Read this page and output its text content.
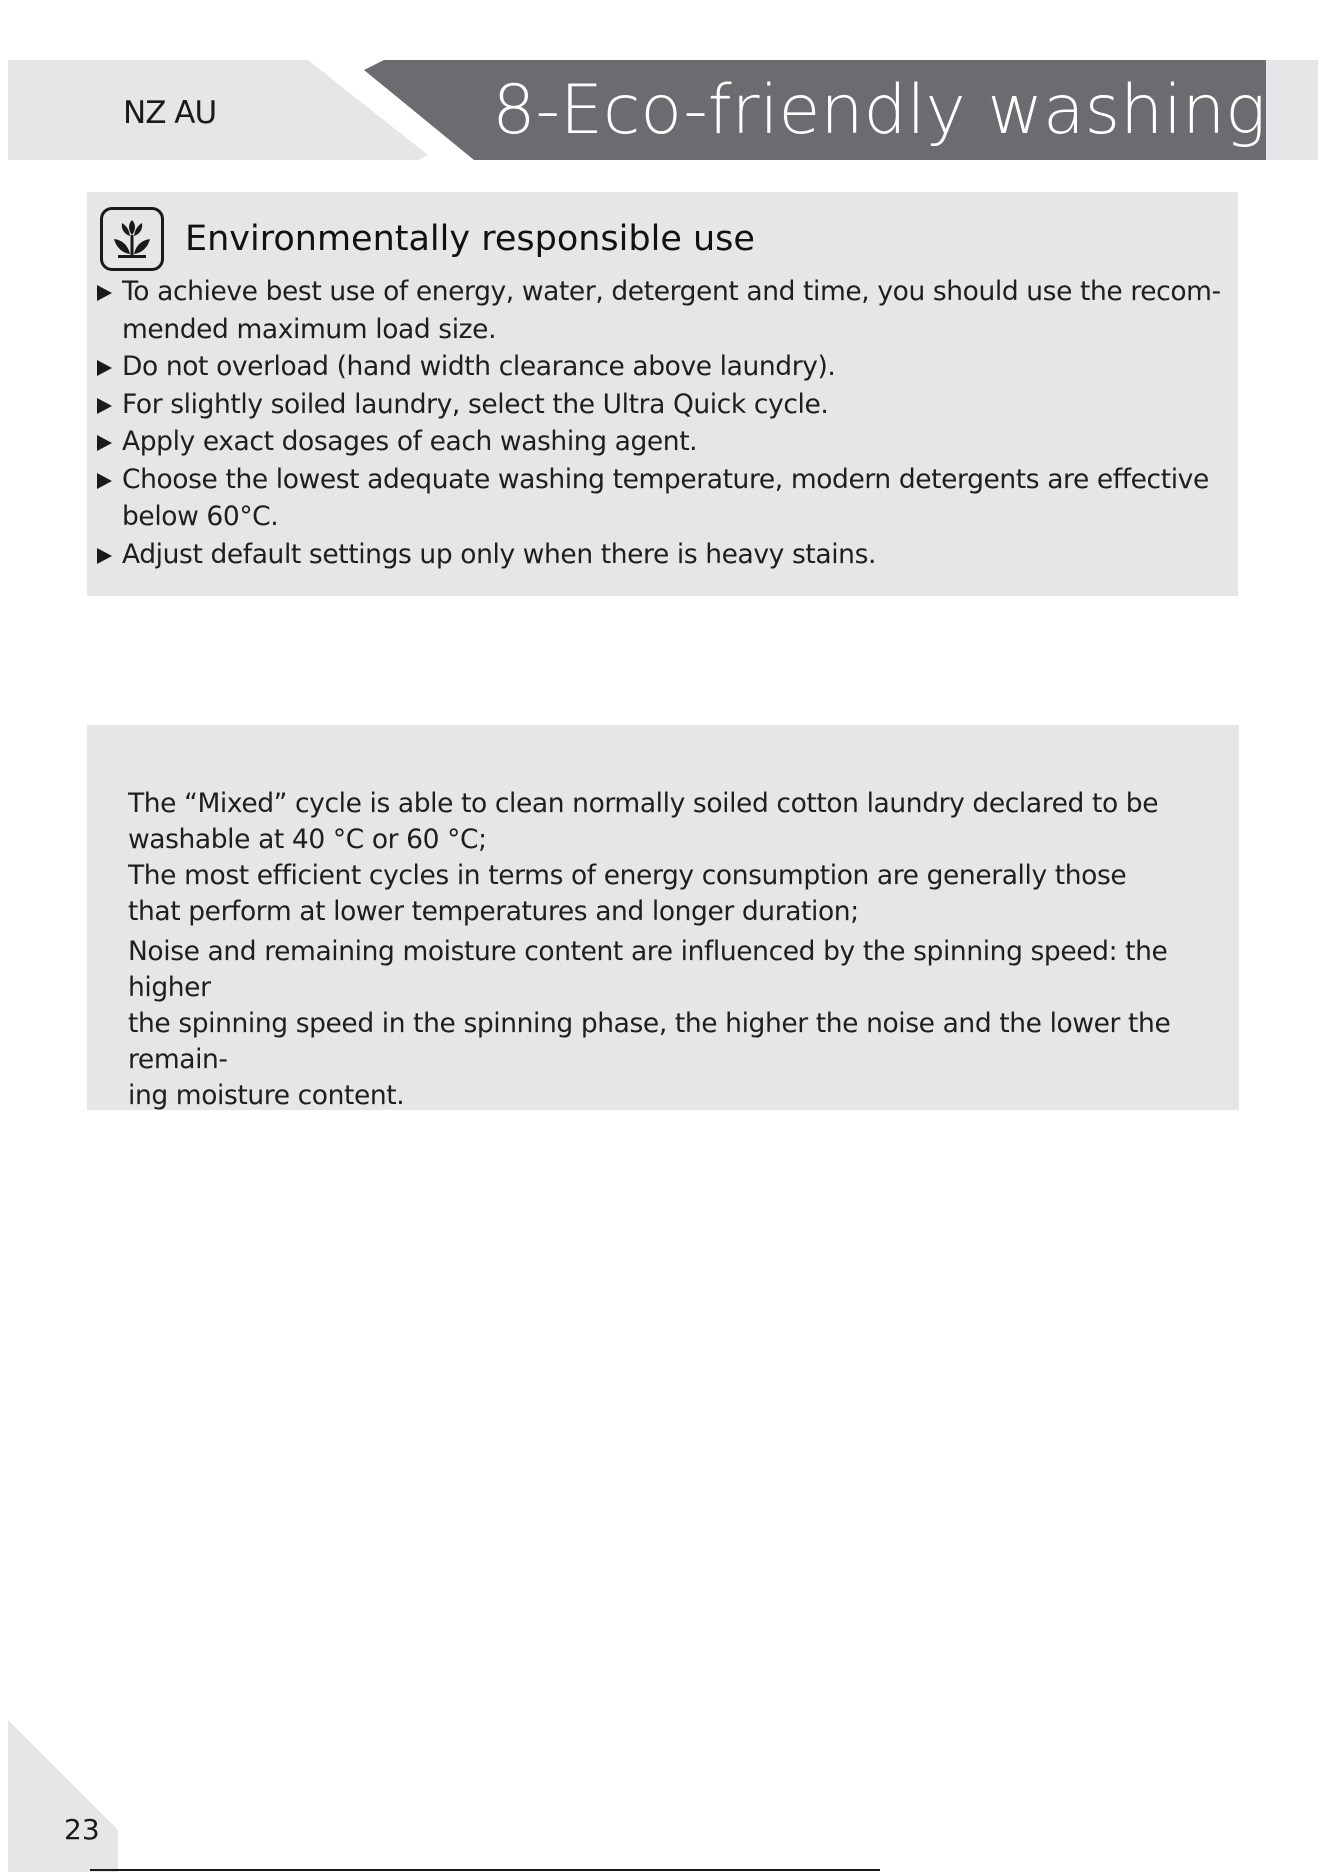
NZ AU	8-Eco-friendly washing
Environmentally responsible use
To achieve best use of energy, water, detergent and time, you should use the recom-
mended maximum load size.
Do not overload (hand width clearance above laundry).
For slightly soiled laundry, select the Ultra Quick cycle.
Apply exact dosages of each washing agent.
Choose the lowest adequate washing temperature, modern detergents are effective
below 60°C.
Adjust default settings up only when there is heavy stains.

The “Mixed” cycle is able to clean normally soiled cotton laundry declared to be
washable at 40 °C or 60 °C;

The most efficient cycles in terms of energy consumption are generally those
that perform at lower temperatures and longer duration;

Noise and remaining moisture content are influenced by the spinning speed: the higher
the spinning speed in the spinning phase, the higher the noise and the lower the remain-
ing moisture content.

23
